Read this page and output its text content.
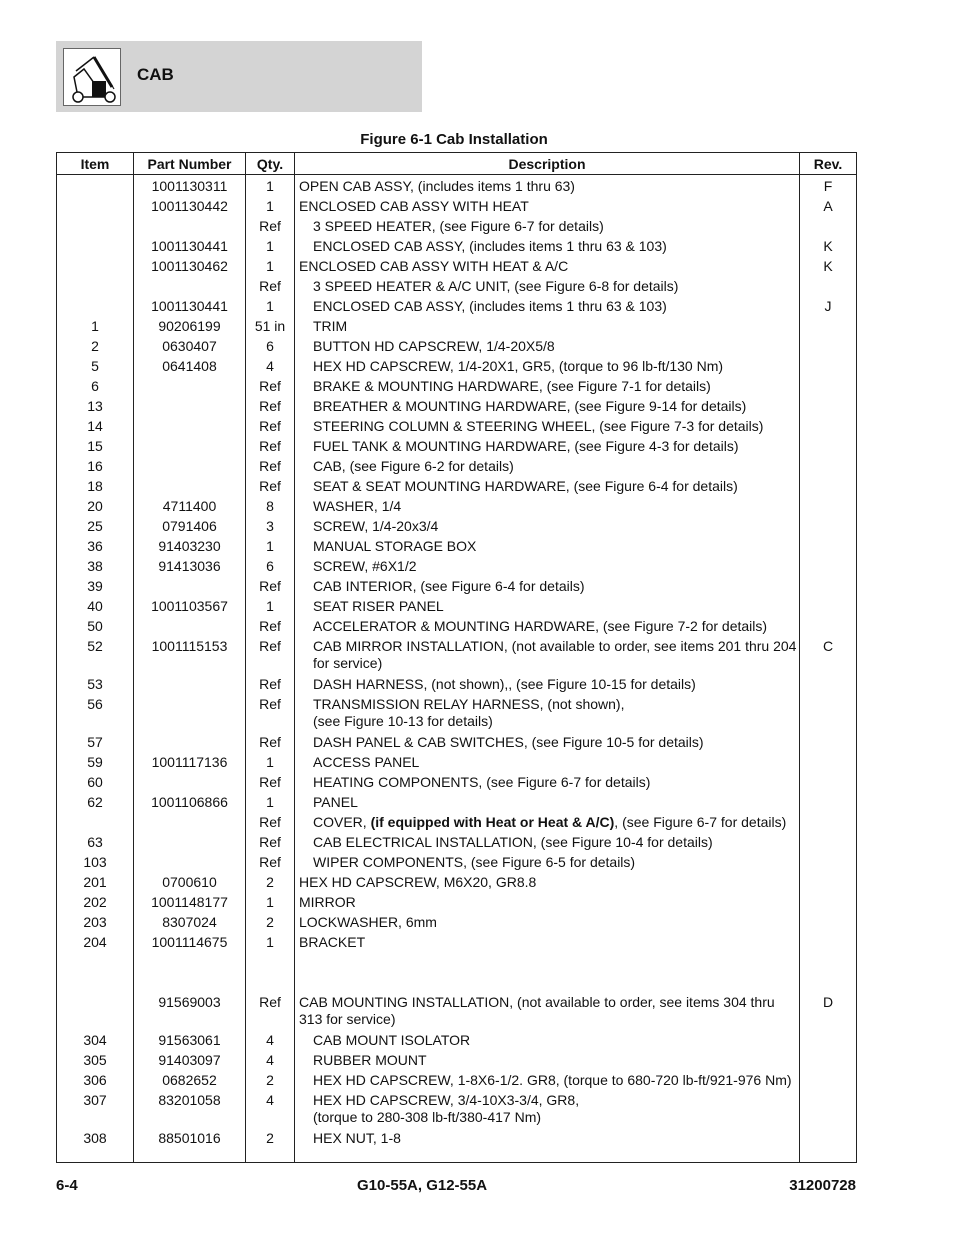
CAB
Figure 6-1 Cab Installation
Item	Part Number	Qty.	Description	Rev.
	1001130311	1	OPEN CAB ASSY, (includes items 1 thru 63)	F
	1001130442	1	ENCLOSED CAB ASSY WITH HEAT	A
		Ref	3 SPEED HEATER, (see Figure 6-7 for details)	
	1001130441	1	ENCLOSED CAB ASSY, (includes items 1 thru 63 & 103)	K
	1001130462	1	ENCLOSED CAB ASSY WITH HEAT & A/C	K
		Ref	3 SPEED HEATER & A/C UNIT, (see Figure 6-8 for details)	
	1001130441	1	ENCLOSED CAB ASSY, (includes items 1 thru 63 & 103)	J
1	90206199	51 in	TRIM	
2	0630407	6	BUTTON HD CAPSCREW, 1/4-20X5/8	
5	0641408	4	HEX HD CAPSCREW, 1/4-20X1, GR5, (torque to 96 lb-ft/130 Nm)	
6		Ref	BRAKE & MOUNTING HARDWARE, (see Figure 7-1 for details)	
13		Ref	BREATHER & MOUNTING HARDWARE, (see Figure 9-14 for details)	
14		Ref	STEERING COLUMN & STEERING WHEEL, (see Figure 7-3 for details)	
15		Ref	FUEL TANK & MOUNTING HARDWARE, (see Figure 4-3 for details)	
16		Ref	CAB, (see Figure 6-2 for details)	
18		Ref	SEAT & SEAT MOUNTING HARDWARE, (see Figure 6-4 for details)	
20	4711400	8	WASHER, 1/4	
25	0791406	3	SCREW, 1/4-20x3/4	
36	91403230	1	MANUAL STORAGE BOX	
38	91413036	6	SCREW, #6X1/2	
39		Ref	CAB INTERIOR, (see Figure 6-4 for details)	
40	1001103567	1	SEAT RISER PANEL	
50		Ref	ACCELERATOR & MOUNTING HARDWARE, (see Figure 7-2 for details)	
52	1001115153	Ref	CAB MIRROR INSTALLATION, (not available to order, see items 201 thru 204 for service)	C
53		Ref	DASH HARNESS, (not shown),, (see Figure 10-15 for details)	
56		Ref	TRANSMISSION RELAY HARNESS, (not shown),
(see Figure 10-13 for details)	
57		Ref	DASH PANEL & CAB SWITCHES, (see Figure 10-5 for details)	
59	1001117136	1	ACCESS PANEL	
60		Ref	HEATING COMPONENTS, (see Figure 6-7 for details)	
62	1001106866	1	PANEL	
		Ref	COVER, (if equipped with Heat or Heat & A/C), (see Figure 6-7 for details)	
63		Ref	CAB ELECTRICAL INSTALLATION, (see Figure 10-4 for details)	
103		Ref	WIPER COMPONENTS, (see Figure 6-5 for details)	
201	0700610	2	HEX HD CAPSCREW, M6X20, GR8.8	
202	1001148177	1	MIRROR	
203	8307024	2	LOCKWASHER, 6mm	
204	1001114675	1	BRACKET	

	91569003	Ref	CAB MOUNTING INSTALLATION, (not available to order, see items 304 thru 313 for service)	D
304	91563061	4	CAB MOUNT ISOLATOR	
305	91403097	4	RUBBER MOUNT	
306	0682652	2	HEX HD CAPSCREW, 1-8X6-1/2. GR8, (torque to 680-720 lb-ft/921-976 Nm)	
307	83201058	4	HEX HD CAPSCREW, 3/4-10X3-3/4, GR8,
(torque to 280-308 lb-ft/380-417 Nm)	
308	88501016	2	HEX NUT, 1-8	
6-4	G10-55A, G12-55A	31200728
